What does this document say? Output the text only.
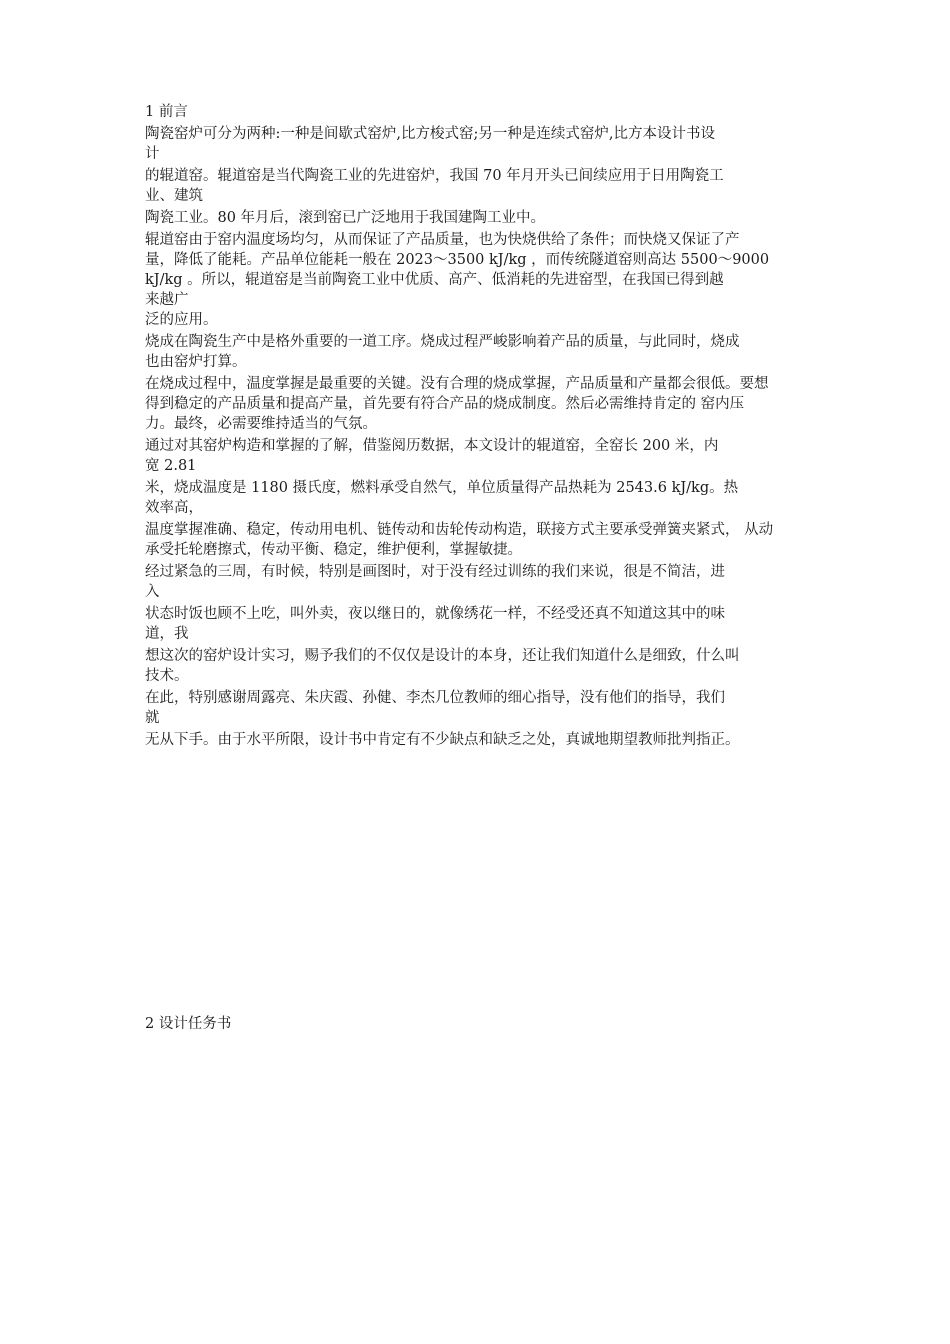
1 前言
陶瓷窑炉可分为两种:一种是间歇式窑炉,比方梭式窑;另一种是连续式窑炉,比方本设计书设
计
的辊道窑。辊道窑是当代陶瓷工业的先进窑炉，我国 70 年月开头已间续应用于日用陶瓷工
业、建筑
陶瓷工业。80 年月后，滚到窑已广泛地用于我国建陶工业中。
辊道窑由于窑内温度场均匀，从而保证了产品质量，也为快烧供给了条件；而快烧又保证了产
量，降低了能耗。产品单位能耗一般在 2023～3500 kJ/kg ，而传统隧道窑则高达 5500～9000
kJ/kg 。所以，辊道窑是当前陶瓷工业中优质、高产、低消耗的先进窑型，在我国已得到越
来越广
泛的应用。
烧成在陶瓷生产中是格外重要的一道工序。烧成过程严峻影响着产品的质量，与此同时，烧成
也由窑炉打算。
在烧成过程中，温度掌握是最重要的关键。没有合理的烧成掌握，产品质量和产量都会很低。要想
得到稳定的产品质量和提高产量，首先要有符合产品的烧成制度。然后必需维持肯定的 窑内压
力。最终，必需要维持适当的气氛。
通过对其窑炉构造和掌握的了解，借鉴阅历数据，本文设计的辊道窑，全窑长 200 米，内
宽 2.81
米，烧成温度是 1180 摄氏度，燃料承受自然气，单位质量得产品热耗为 2543.6 kJ/kg。热
效率高，
温度掌握准确、稳定，传动用电机、链传动和齿轮传动构造，联接方式主要承受弹簧夹紧式， 从动
承受托轮磨擦式，传动平衡、稳定，维护便利，掌握敏捷。
经过紧急的三周，有时候，特别是画图时，对于没有经过训练的我们来说，很是不简洁，进
入
状态时饭也顾不上吃，叫外卖，夜以继日的，就像绣花一样，不经受还真不知道这其中的味
道，我
想这次的窑炉设计实习，赐予我们的不仅仅是设计的本身，还让我们知道什么是细致，什么叫
技术。
在此，特别感谢周露亮、朱庆霞、孙健、李杰几位教师的细心指导，没有他们的指导，我们
就
无从下手。由于水平所限，设计书中肯定有不少缺点和缺乏之处，真诚地期望教师批判指正。
2 设计任务书
